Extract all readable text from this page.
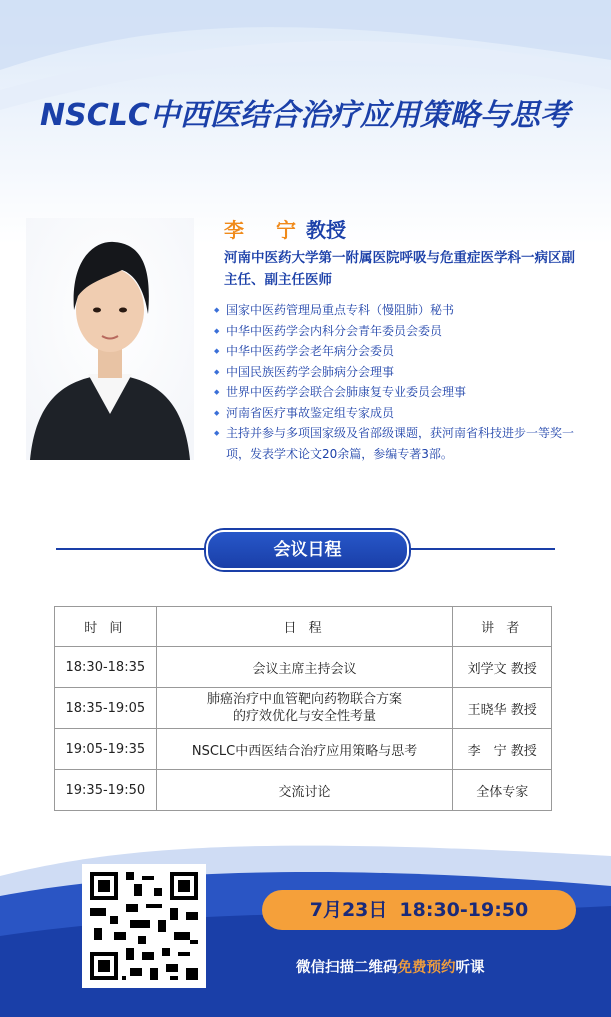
NSCLC中西医结合治疗应用策略与思考
李　宁 教授
河南中医药大学第一附属医院呼吸与危重症医学科一病区副主任、副主任医师
◆ 国家中医药管理局重点专科（慢阻肺）秘书
◆ 中华中医药学会内科分会青年委员会委员
◆ 中华中医药学会老年病分会委员
◆ 中国民族医药学会肺病分会理事
◆ 世界中医药学会联合会肺康复专业委员会理事
◆ 河南省医疗事故鉴定组专家成员
◆ 主持并参与多项国家级及省部级课题，获河南省科技进步一等奖一项，发表学术论文20余篇，参编专著3部。
会议日程
时 间	日 程	讲 者
18:30-18:35	会议主席主持会议	刘学文 教授
18:35-19:05	肺癌治疗中血管靶向药物联合方案的疗效优化与安全性考量	王晓华 教授
19:05-19:35	NSCLC中西医结合治疗应用策略与思考	李　宁 教授
19:35-19:50	交流讨论	全体专家
7月23日 18:30-19:50
微信扫描二维码免费预约听课
